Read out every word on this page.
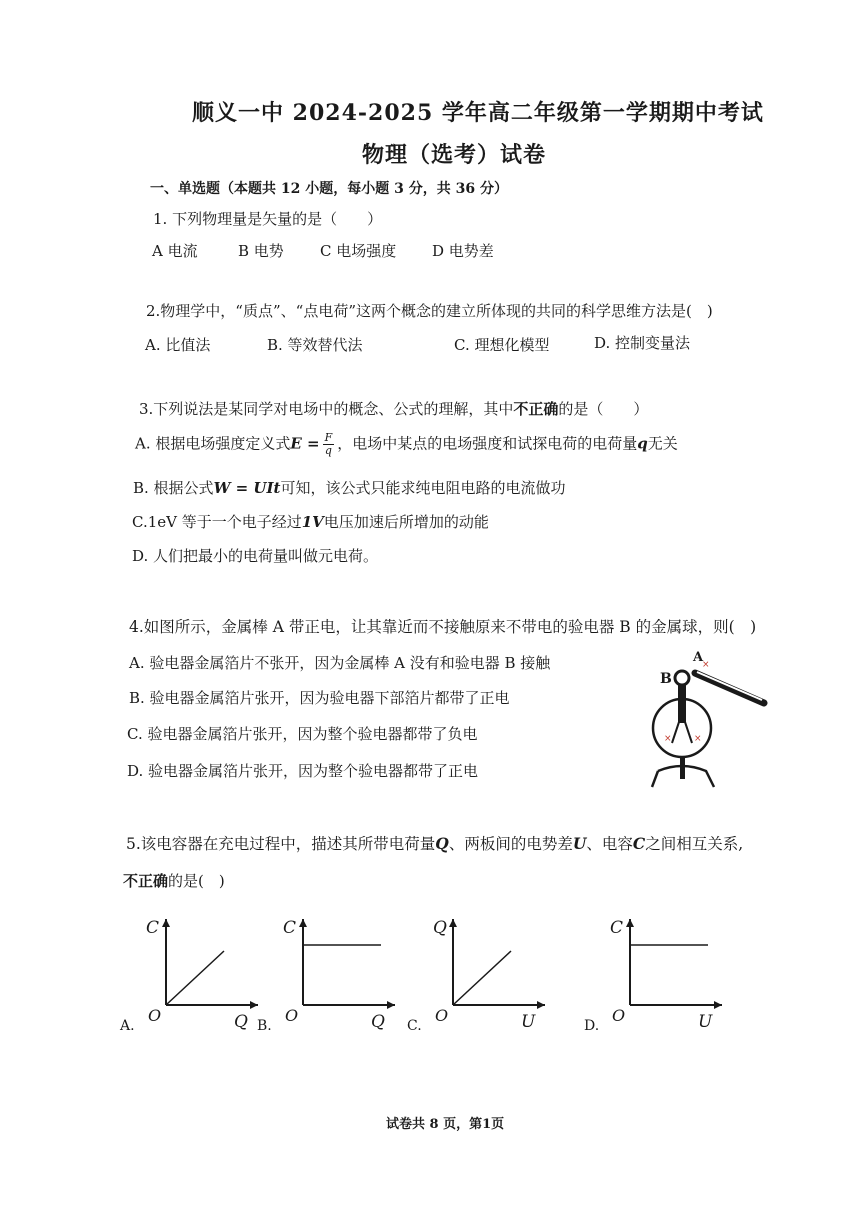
顺义一中 2024-2025 学年高二年级第一学期期中考试
物理（选考）试卷
一、单选题（本题共 12 小题，每小题 3 分，共 36 分）
1. 下列物理量是矢量的是（　　）
A 电流	B 电势 C 电场强度 D 电势差
2.物理学中，“质点”、“点电荷”这两个概念的建立所体现的共同的科学思维方法是(　)
A. 比值法	B. 等效替代法	C. 理想化模型	D. 控制变量法
3.下列说法是某同学对电场中的概念、公式的理解，其中不正确的是（　　）
A. 根据电场强度定义式$E = \frac{F}{q}$ ，电场中某点的电场强度和试探电荷的电荷量q无关
B. 根据公式W = UIt可知，该公式只能求纯电阻电路的电流做功
C.1eV 等于一个电子经过1V电压加速后所增加的动能
D. 人们把最小的电荷量叫做元电荷。
4.如图所示，金属棒 A 带正电，让其靠近而不接触原来不带电的验电器 B 的金属球，则(　)
A. 验电器金属箔片不张开，因为金属棒 A 没有和验电器 B 接触
B. 验电器金属箔片张开，因为验电器下部箔片都带了正电
C. 验电器金属箔片张开，因为整个验电器都带了负电
D. 验电器金属箔片张开，因为整个验电器都带了正电
A
×
B
× ×
5.该电容器在充电过程中，描述其所带电荷量Q、两板间的电势差U、电容C之间相互关系,
不正确的是(　)
C
Q
O
A.
C
Q
O
B.
Q
U
O
C.
C
U
O
D.
试卷共 8 页，第1页
